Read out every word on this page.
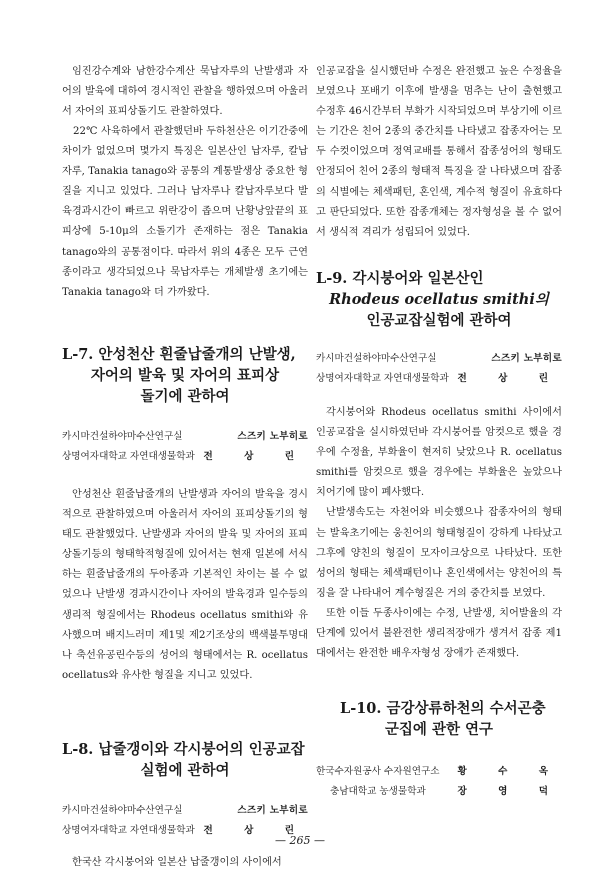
임진강수계와 남한강수계산 묵납자루의 난발생과 자어의 발육에 대하여 경시적인 관찰을 행하였으며 아울러서 자어의 표피상돌기도 관찰하였다.

22℃ 사육하에서 관찰했던바 두하천산은 이기간중에 차이가 없었으며 몇가지 특징은 일본산인 납자루, 칼납자루, Tanakia tanago와 공통의 계통발생상 중요한 형질을 지니고 있었다. 그러나 납자루나 칼납자루보다 발육경과시간이 빠르고 위란강이 좁으며 난황낭앞끝의 표피상에 5-10μ의 소돌기가 존재하는 점은 Tanakia tanago와의 공통점이다. 따라서 위의 4종은 모두 근연종이라고 생각되었으나 묵납자루는 개체발생 초기에는 Tanakia tanago와 더 가까왔다.

L-7. 안성천산 흰줄납줄개의 난발생,
자어의 발육 및 자어의 표피상
돌기에 관하여
카시마건설하야마수산연구실	스즈키 노부히로
상명여자대학교 자연대생물학과 전 상 린

안성천산 흰줄납줄개의 난발생과 자어의 발육을 경시적으로 관찰하였으며 아울러서 자어의 표피상돌기의 형태도 관찰했었다. 난발생과 자어의 발육 및 자어의 표피상돌기등의 형태학적형질에 있어서는 현재 일본에 서식하는 흰줄납줄개의 두아종과 기본적인 차이는 볼 수 없었으나 난발생 경과시간이나 자어의 발육경과 일수등의 생리적 형질에서는 Rhodeus ocellatus smithi와 유사했으며 배지느러미 제1및 제2기조상의 백색불투명대나 축선유공린수등의 성어의 형태에서는 R. ocellatus ocellatus와 유사한 형질을 지니고 있었다.

L-8. 납줄갱이와 각시붕어의 인공교잡
실험에 관하여
카시마건설하야마수산연구실	스즈키 노부히로
상명여자대학교 자연대생물학과 전 상 린

한국산 각시붕어와 일본산 납줄갱이의 사이에서

인공교잡을 실시했던바 수정은 완전했고 높은 수정율을 보였으나 포배기 이후에 발생을 멈추는 난이 출현했고 수정후 46시간부터 부화가 시작되었으며 부상기에 이르는 기간은 친어 2종의 중간치를 나타냈고 잡종자어는 모두 수컷이었으며 정역교배를 통해서 잡종성어의 형태도 안정되어 친어 2종의 형태적 특징을 잘 나타냈으며 잡종의 식별에는 체색패턴, 혼인색, 계수적 형질이 유효하다고 판단되었다. 또한 잡종개체는 정자형성을 볼 수 없어서 생식적 격리가 성립되어 있었다.

L-9. 각시붕어와 일본산인
Rhodeus ocellatus smithi의
인공교잡실험에 관하여
카시마건설하야마수산연구실	스즈키 노부히로
상명여자대학교 자연대생물학과 전 상 린

각시붕어와 Rhodeus ocellatus smithi 사이에서 인공교잡을 실시하였던바 각시붕어를 암컷으로 했을 경우에 수정율, 부화율이 현저히 낮았으나 R. ocellatus smithi를 암컷으로 했을 경우에는 부화율은 높았으나 치어기에 많이 폐사했다.

난발생속도는 자천어와 비슷했으나 잡종자어의 형태는 발육초기에는 웅친어의 형태형질이 강하게 나타났고 그후에 양친의 형질이 모자이크상으로 나타났다. 또한 성어의 형태는 체색패턴이나 혼인색에서는 양친어의 특징을 잘 나타내어 계수형질은 거의 중간치를 보였다.

또한 이들 두종사이에는 수정, 난발생, 치어발율의 각단계에 있어서 불완전한 생리적장애가 생겨서 잡종 제1대에서는 완전한 배우자형성 장애가 존재했다.

L-10. 금강상류하천의 수서곤충
군집에 관한 연구
한국수자원공사 수자원연구소 황 수 옥
충남대학교 농생물학과	장 영 덕
— 265 —
